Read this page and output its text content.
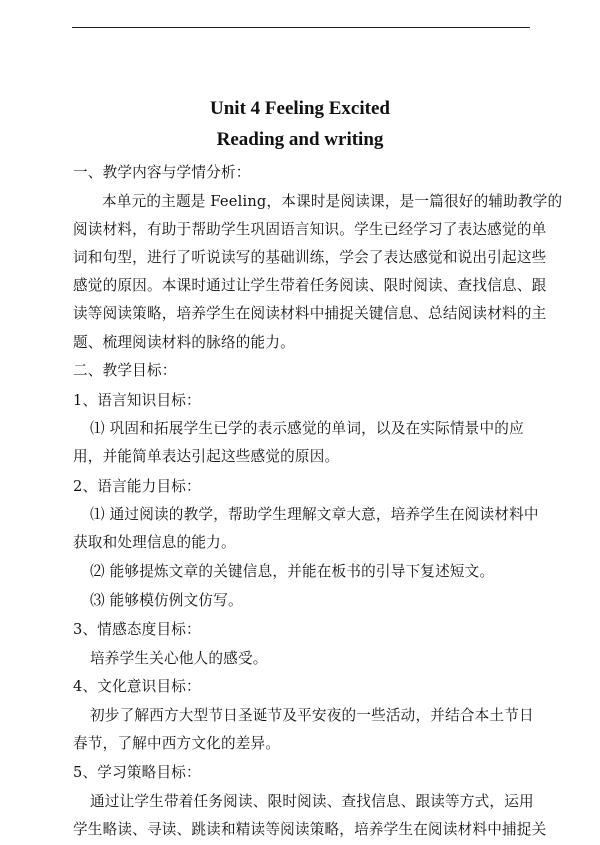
Unit 4 Feeling Excited
Reading and writing
一、教学内容与学情分析：
本单元的主题是 Feeling，本课时是阅读课，是一篇很好的辅助教学的
阅读材料，有助于帮助学生巩固语言知识。学生已经学习了表达感觉的单
词和句型，进行了听说读写的基础训练，学会了表达感觉和说出引起这些
感觉的原因。本课时通过让学生带着任务阅读、限时阅读、查找信息、跟
读等阅读策略，培养学生在阅读材料中捕捉关键信息、总结阅读材料的主
题、梳理阅读材料的脉络的能力。
二、教学目标：
1、语言知识目标：
⑴ 巩固和拓展学生已学的表示感觉的单词，以及在实际情景中的应
用，并能简单表达引起这些感觉的原因。
2、语言能力目标：
⑴ 通过阅读的教学，帮助学生理解文章大意，培养学生在阅读材料中
获取和处理信息的能力。
⑵ 能够提炼文章的关键信息，并能在板书的引导下复述短文。
⑶ 能够模仿例文仿写。
3、情感态度目标：
培养学生关心他人的感受。
4、文化意识目标：
初步了解西方大型节日圣诞节及平安夜的一些活动，并结合本土节日
春节，了解中西方文化的差异。
5、学习策略目标：
通过让学生带着任务阅读、限时阅读、查找信息、跟读等方式，运用
学生略读、寻读、跳读和精读等阅读策略，培养学生在阅读材料中捕捉关
